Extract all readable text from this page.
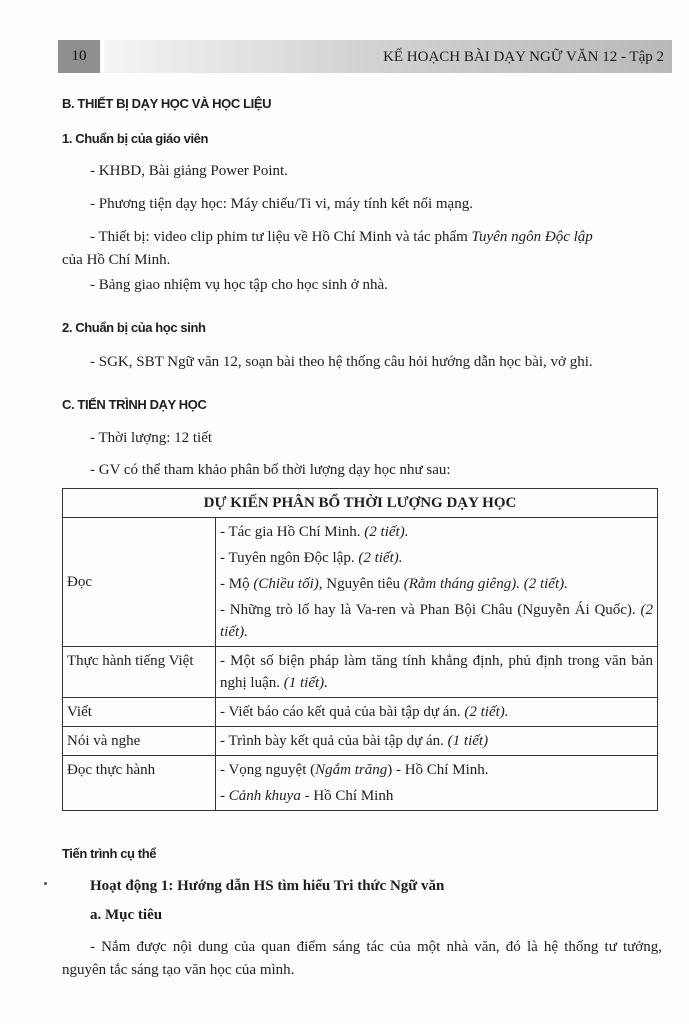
10	KẾ HOẠCH BÀI DẠY NGỮ VĂN 12 - Tập 2
B. THIẾT BỊ DẠY HỌC VÀ HỌC LIỆU
1. Chuẩn bị của giáo viên
- KHBD, Bài giảng Power Point.
- Phương tiện dạy học: Máy chiếu/Ti vi, máy tính kết nối mạng.
- Thiết bị: video clip phim tư liệu về Hồ Chí Minh và tác phẩm Tuyên ngôn Độc lập
của Hồ Chí Minh.
- Bảng giao nhiệm vụ học tập cho học sinh ở nhà.
2. Chuẩn bị của học sinh
- SGK, SBT Ngữ văn 12, soạn bài theo hệ thống câu hỏi hướng dẫn học bài, vở ghi.
C. TIẾN TRÌNH DẠY HỌC
- Thời lượng: 12 tiết
- GV có thể tham khảo phân bố thời lượng dạy học như sau:
DỰ KIẾN PHÂN BỔ THỜI LƯỢNG DẠY HỌC	
Đọc	- Tác gia Hồ Chí Minh. (2 tiết).
- Tuyên ngôn Độc lập. (2 tiết).
- Mộ (Chiều tối), Nguyên tiêu (Rằm tháng giêng). (2 tiết).
- Những trò lố hay là Va-ren và Phan Bội Châu (Nguyễn Ái Quốc). (2 tiết).

Thực hành tiếng Việt	- Một số biện pháp làm tăng tính khẳng định, phủ định trong văn bản nghị luận. (1 tiết).
Viết	- Viết báo cáo kết quả của bài tập dự án. (2 tiết).
Nói và nghe	- Trình bày kết quả của bài tập dự án. (1 tiết)
Đọc thực hành	- Vọng nguyệt (Ngắm trăng) - Hồ Chí Minh.
- Cảnh khuya - Hồ Chí Minh
Tiến trình cụ thể
Hoạt động 1: Hướng dẫn HS tìm hiểu Tri thức Ngữ văn
a. Mục tiêu
- Nắm được nội dung của quan điểm sáng tác của một nhà văn, đó là hệ thống tư tưởng, nguyên tắc sáng tạo văn học của mình.
